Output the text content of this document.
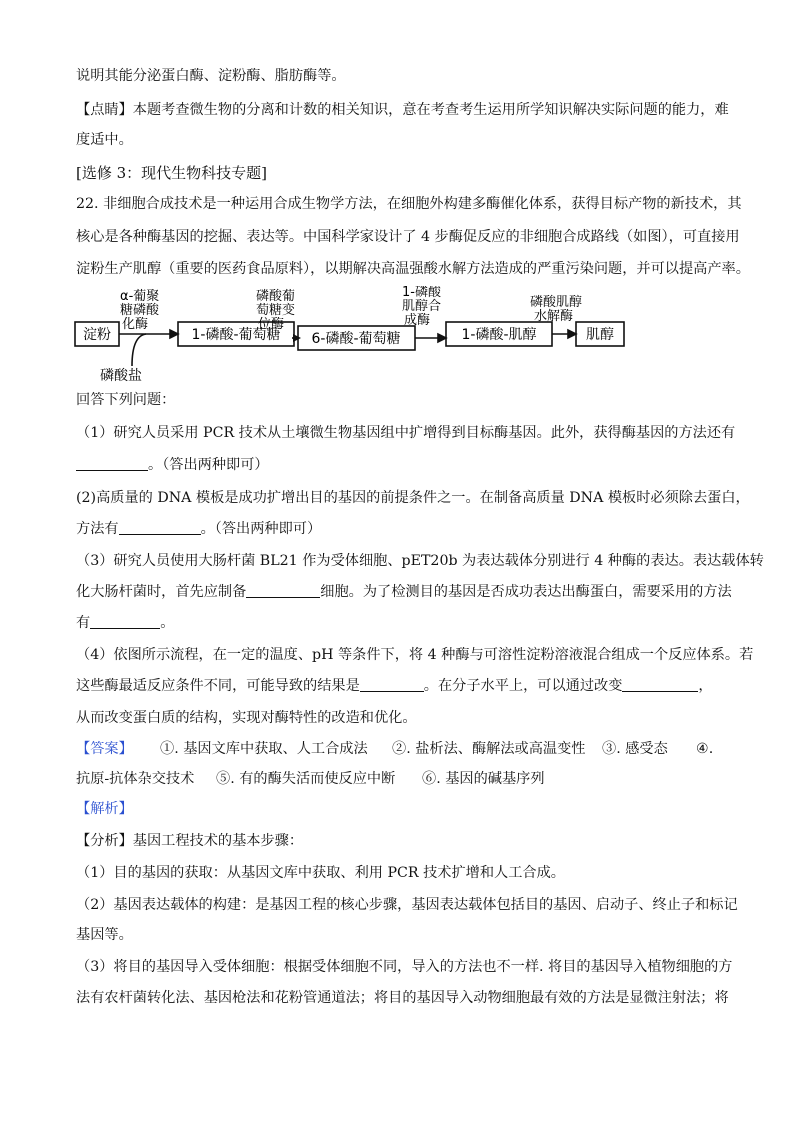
说明其能分泌蛋白酶、淀粉酶、脂肪酶等。
【点睛】本题考查微生物的分离和计数的相关知识，意在考查考生运用所学知识解决实际问题的能力，难
度适中。
[选修 3：现代生物科技专题]
22. 非细胞合成技术是一种运用合成生物学方法，在细胞外构建多酶催化体系，获得目标产物的新技术，其
核心是各种酶基因的挖掘、表达等。中国科学家设计了 4 步酶促反应的非细胞合成路线（如图），可直接用
淀粉生产肌醇（重要的医药食品原料），以期解决高温强酸水解方法造成的严重污染问题，并可以提高产率。
淀粉	1-磷酸-葡萄糖 6-磷酸-葡萄糖	1-磷酸-肌醇	肌醇
α-葡聚
糖磷酸
化酶
磷酸葡
萄糖变
位酶
1-磷酸
肌醇合
成酶
磷酸肌醇
水解酶
磷酸盐
回答下列问题：
（1）研究人员采用 PCR 技术从土壤微生物基因组中扩增得到目标酶基因。此外，获得酶基因的方法还有
。（答出两种即可）
(2)高质量的 DNA 模板是成功扩增出目的基因的前提条件之一。在制备高质量 DNA 模板时必须除去蛋白，
方法有	。（答出两种即可）
（3）研究人员使用大肠杆菌 BL21 作为受体细胞、pET20b 为表达载体分别进行 4 种酶的表达。表达载体转
化大肠杆菌时，首先应制备	细胞。为了检测目的基因是否成功表达出酶蛋白，需要采用的方法
有	。
（4）依图所示流程，在一定的温度、pH 等条件下，将 4 种酶与可溶性淀粉溶液混合组成一个反应体系。若
这些酶最适反应条件不同，可能导致的结果是	。在分子水平上，可以通过改变	，
从而改变蛋白质的结构，实现对酶特性的改造和优化。
【答案】 ①. 基因文库中获取、人工合成法 ②. 盐析法、酶解法或高温变性 ③. 感受态 ④.
抗原-抗体杂交技术 ⑤. 有的酶失活而使反应中断 ⑥. 基因的碱基序列
【解析】
【分析】基因工程技术的基本步骤：
（1）目的基因的获取：从基因文库中获取、利用 PCR 技术扩增和人工合成。
（2）基因表达载体的构建：是基因工程的核心步骤，基因表达载体包括目的基因、启动子、终止子和标记
基因等。
（3）将目的基因导入受体细胞：根据受体细胞不同，导入的方法也不一样. 将目的基因导入植物细胞的方
法有农杆菌转化法、基因枪法和花粉管通道法；将目的基因导入动物细胞最有效的方法是显微注射法；将
